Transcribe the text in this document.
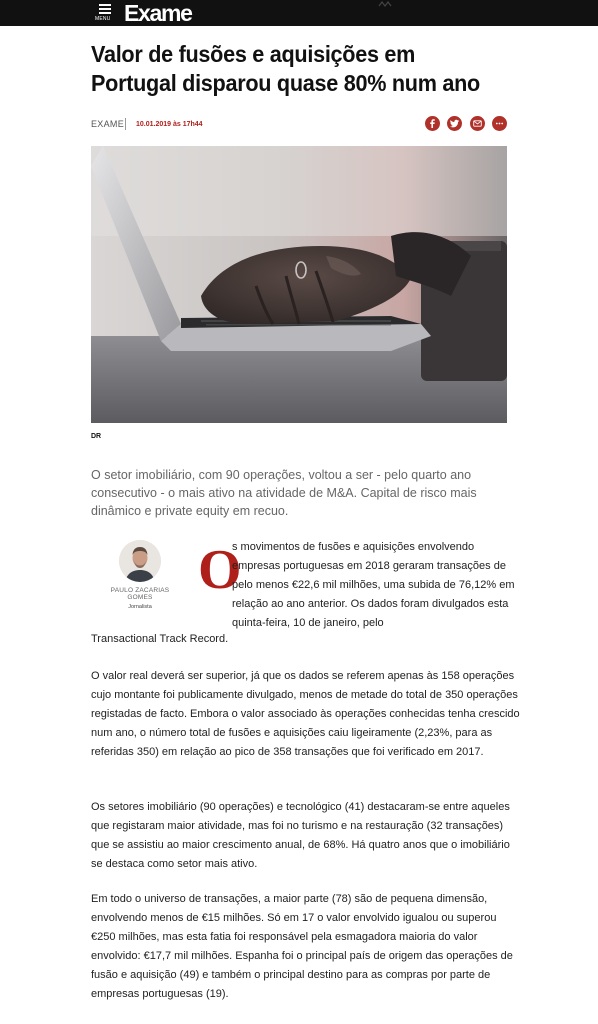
MENU Exame
Valor de fusões e aquisições em Portugal disparou quase 80% num ano
EXAME 10.01.2019 às 17h44

DR

O setor imobiliário, com 90 operações, voltou a ser - pelo quarto ano consecutivo - o mais ativo na atividade de M&A. Capital de risco mais dinâmico e private equity em recuo.

PAULO ZACARIAS GOMES
Jornalista
O

s movimentos de fusões e aquisições envolvendo empresas portuguesas em 2018 geraram transações de pelo menos €22,6 mil milhões, uma subida de 76,12% em relação ao ano anterior. Os dados foram divulgados esta quinta-feira, 10 de janeiro, pelo

Transactional Track Record.

O valor real deverá ser superior, já que os dados se referem apenas às 158 operações cujo montante foi publicamente divulgado, menos de metade do total de 350 operações registadas de facto. Embora o valor associado às operações conhecidas tenha crescido num ano, o número total de fusões e aquisições caiu ligeiramente (2,23%, para as referidas 350) em relação ao pico de 358 transações que foi verificado em 2017.

Os setores imobiliário (90 operações) e tecnológico (41) destacaram-se entre aqueles que registaram maior atividade, mas foi no turismo e na restauração (32 transações) que se assistiu ao maior crescimento anual, de 68%. Há quatro anos que o imobiliário se destaca como setor mais ativo.

Em todo o universo de transações, a maior parte (78) são de pequena dimensão, envolvendo menos de €15 milhões. Só em 17 o valor envolvido igualou ou superou €250 milhões, mas esta fatia foi responsável pela esmagadora maioria do valor envolvido: €17,7 mil milhões. Espanha foi o principal país de origem das operações de fusão e aquisição (49) e também o principal destino para as compras por parte de empresas portuguesas (19).
